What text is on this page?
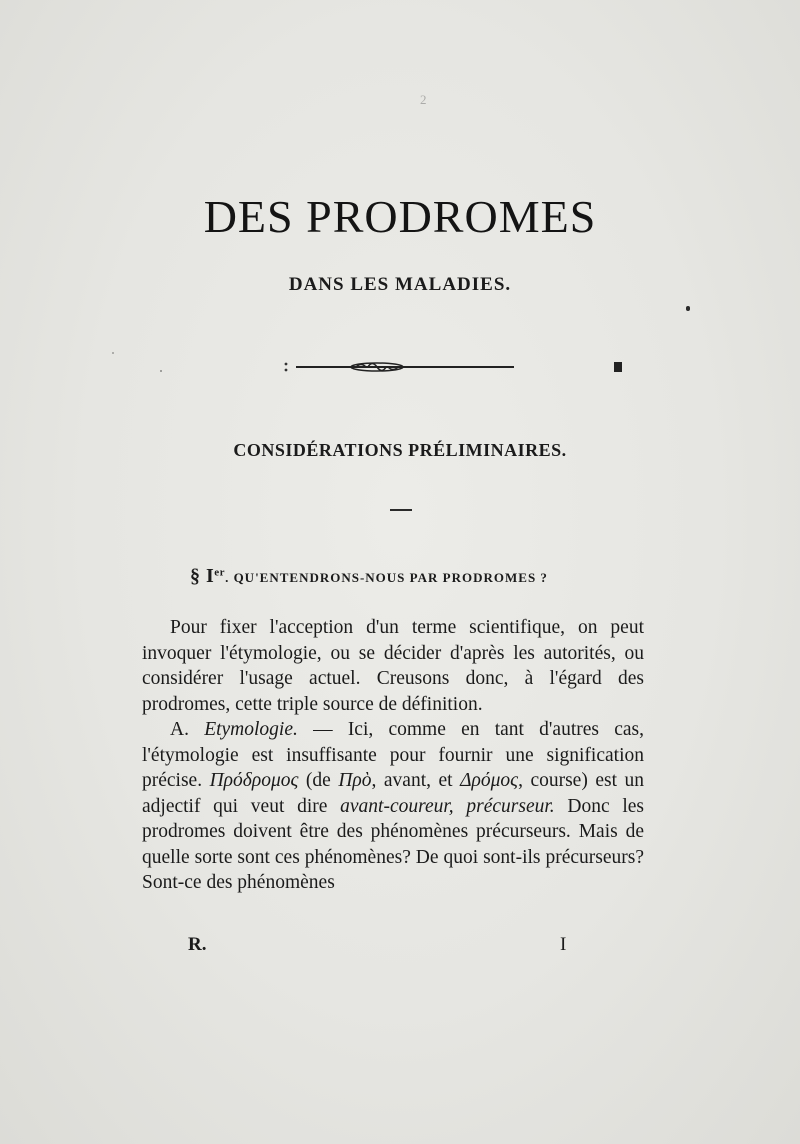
2
DES PRODROMES
DANS LES MALADIES.
CONSIDÉRATIONS PRÉLIMINAIRES.
§ Ier. QU'ENTENDRONS-NOUS PAR PRODROMES ?

Pour fixer l'acception d'un terme scientifique, on peut invoquer l'étymologie, ou se décider d'après les autorités, ou considérer l'usage actuel. Creusons donc, à l'égard des prodromes, cette triple source de définition.

A. Etymologie. — Ici, comme en tant d'autres cas, l'étymologie est insuffisante pour fournir une signification précise. Πρόδρομος (de Πρὸ, avant, et Δρόμος, course) est un adjectif qui veut dire avant-coureur, précurseur. Donc les prodromes doivent être des phénomènes précurseurs. Mais de quelle sorte sont ces phénomènes? De quoi sont-ils précurseurs? Sont-ce des phénomènes

R.	I
